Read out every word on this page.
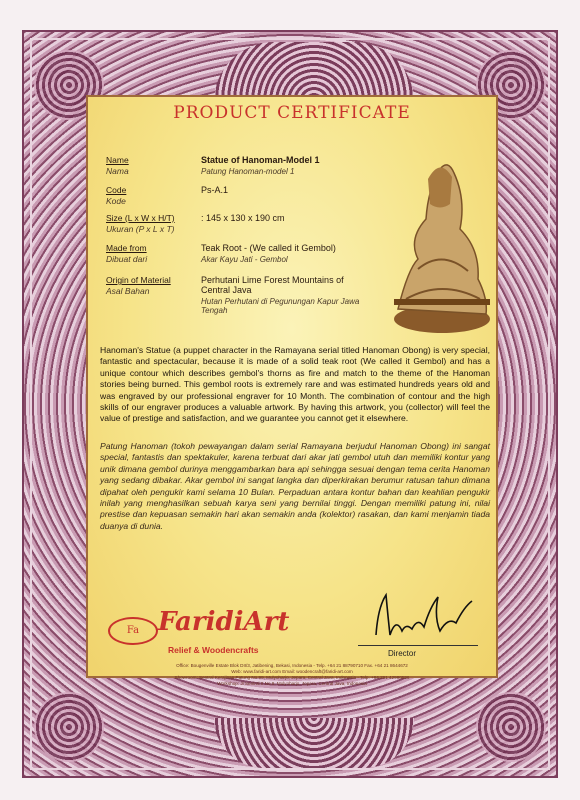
PRODUCT CERTIFICATE
Name
Nama
Statue of Hanoman-Model 1
Patung Hanoman-model 1
Code
Kode
Ps-A.1
Size (L x W x H/T)
Ukuran (P x L x T)
: 145 x 130 x 190 cm
Made from
Dibuat dari
Teak Root - (We called it Gembol)
Akar Kayu Jati - Gembol
Origin of Material
Asal Bahan
Perhutani Lime Forest Mountains of Central Java
Hutan Perhutani di Pegunungan Kapur Jawa Tengah
Hanoman's Statue (a puppet character in the Ramayana serial titled Hanoman Obong) is very special, fantastic and spectacular, because it is made of a solid teak root (We called it Gembol) and has a unique contour which describes gembol's thorns as fire and match to the theme of the Hanoman stories being burned. This gembol roots is extremely rare and was estimated hundreds years old and was engraved by our professional engraver for 10 Month. The combination of contour and the high skills of our engraver produces a valuable artwork. By having this artwork, you (collector) will feel the value of prestige and satisfaction, and we guarantee you cannot get it elsewhere.
Patung Hanoman (tokoh pewayangan dalam serial Ramayana berjudul Hanoman Obong) ini sangat special, fantastis dan spektakuler, karena terbuat dari akar jati gembol utuh dan memiliki kontur yang unik dimana gembol durinya menggambarkan bara api sehingga sesuai dengan tema cerita Hanoman yang sedang dibakar. Akar gembol ini sangat langka dan diperkirakan berumur ratusan tahun dimana dipahat oleh pengukir kami selama 10 Bulan. Perpaduan antara kontur bahan dan keahlian pengukir inilah yang menghasilkan sebuah karya seni yang bernilai tinggi. Dengan memiliki patung ini, nilai prestise dan kepuasan semakin hari akan semakin anda (kolektor) rasakan, dan kami menjamin tiada duanya di dunia.
Fa FaridiArt
Relief & Woodencrafts	Director
Office: Bougenville Estate Blok DII/3, Jatibening, Bekasi, Indonesia - Telp. +64 21 88790710 Fax. +64 21 8644672
Web: www.faridi-art.com Email: woodencraft@faridi-art.com
Showroom: Sentral Kerajinan Patung No.99, Mulyoharjo, Jepara, Central Java, Indonesia - Telp. +64 291 42980596
Workshop: Jl Sentral II No.9, Mulyoharjo, Jepara, Central Java, Indonesia
